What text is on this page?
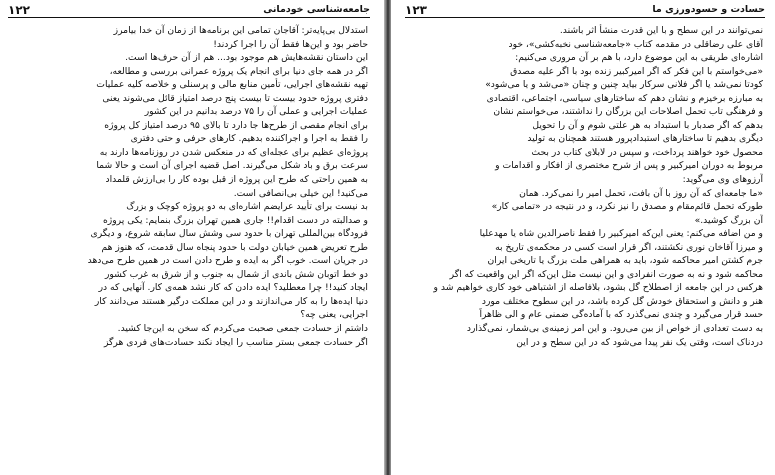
جامعه‌شناسی خودمانی
۱۲۲
استدلال بی‌پایه‌تر: آقاجان تمامی این برنامه‌ها از زمان آن خدا بیامرز
حاضر بود و این‌ها فقط آن را اجرا کردند!
این داستان نقشه‌هایش هم موجود بود... هم از آن حرف‌ها است.
اگر در همه جای دنیا برای انجام یک پروژه عمرانی بررسی و مطالعه،
تهیه نقشه‌های اجرایی، تأمین منابع مالی و پرسنلی و خلاصه کلیه عملیات
دفتری پروژه حدود بیست تا بیست پنج درصد امتیاز قائل می‌شوند یعنی
عملیات اجرایی و عملی آن را ۷۵ درصد بدانیم در این کشور
برای انجام مقصی از طرح‌ها جا دارد تا بالای ۹۵ درصد امتیاز کل پروژه
را فقط به اجرا و اجراکننده بدهیم. کارهای حرفی و حتی دفتری
پروژه‌ای عظیم برای عجله‌ای که در منعکس شدن در روزنامه‌ها دارند به
سرعت برق و باد شکل می‌گیرند. اصل قضیه اجرای آن است و حالا شما
به همین راحتی که طرح این پروژه از قبل بوده کار را بی‌ارزش قلمداد
می‌کنید! این خیلی بی‌انصافی است.
بد نیست برای تأیید عرایضم اشاره‌ای به دو پروژه کوچک و بزرگ
و صدالبته در دست اقدام!! جاری همین تهران بزرگ بنمایم: یکی پروژه
فرودگاه بین‌المللی تهران با حدود سی وشش سال سابقه شروع، و دیگری
طرح تعریض همین خیابان دولت با حدود پنجاه سال قدمت، که هنوز هم
در جریان است. خوب اگر به ایده و طرح دادن است در همین طرح می‌دهد
دو خط اتوبان شش باندی از شمال به جنوب و از شرق به غرب کشور
ایجاد کنید!! چرا معطلید؟ ایده دادن که کار نشد همه‌ی کار. آنهایی که در
دنیا ایده‌ها را به کار می‌اندازند و در این مملکت درگیر هستند می‌دانند کار
اجرایی، یعنی چه؟
داشتم از حسادت جمعی صحبت می‌کردم که سخن به این‌جا کشید.
اگر حسادت جمعی بستر مناسب را ایجاد نکند حسادت‌های فردی هرگز
حسادت و حسودورزی ما
۱۲۳
نمی‌توانند در این سطح و با این قدرت منشأ اثر باشند.
آقای علی رضاقلی در مقدمه کتاب «جامعه‌شناسی نخبه‌کشی»، خود
اشاره‌ای طریقی به این موضوع دارد، با هم بر آن مروری می‌کنیم:
«می‌خواستم با این فکر که اگر امیرکبیر زنده بود با اگر علیه مصدق
کودتا نمی‌شد یا اگر فلانی سرکار بیاید چنین و چنان «می‌شد و یا می‌شود»
به مبارزه برخیزم و نشان دهم که ساختارهای سیاسی، اجتماعی، اقتصادی
و فرهنگی تاب تحمل اصلاحات این بزرگان را نداشتند، می‌خواستم نشان
بدهم که اگر صدبار با استبداد به هر علتی شوم و آن را تحویل
دیگری بدهیم تا ساختارهای استبدادپرور هستند همچنان به تولید
محصول خود خواهند پرداخت، و سپس در لابلای کتاب در بحث
مربوط به دوران امیرکبیر و پس از شرح مختصری از افکار و اقدامات و
آرزوهای وی می‌گوید:
«ما جامعه‌ای که آن روز با آن بافت، تحمل امیر را نمی‌کرد. همان
طورکه تحمل قائم‌مقام و مصدق را نیز نکرد، و در نتیجه در «تمامی کار»
آن بزرگ کوشید.»
و من اضافه می‌کنم: یعنی این‌که امیرکبیر را فقط ناصرالدین شاه یا مهدعلیا
و میرزا آقاخان نوری نکشتند، اگر قرار است کسی در محکمه‌ی تاریخ به
جرم کشتن امیر محاکمه شود، باید به همراهی ملت بزرگ یا تاریخی ایران
محاکمه شود و نه به صورت انفرادی و این نیست مثل این‌که اگر این واقعیت که اگر
هرکس در این جامعه از اصطلاح گل بشود، بلافاصله از اشتباهی خود کاری خواهیم شد و
هنر و دانش و استحقاق خودش گل کرده باشد، در این سطوح مختلف مورد
حسد قرار می‌گیرد و چندی نمی‌گذرد که با آماده‌گی ضمنی عام و الی ظاهراً
به دست تعدادی از خواص از بین می‌رود. و این امر زمینه‌ی بی‌شمار، نمی‌گذارد
دردناک است، وقتی یک نفر پیدا می‌شود که در این سطح و در این
